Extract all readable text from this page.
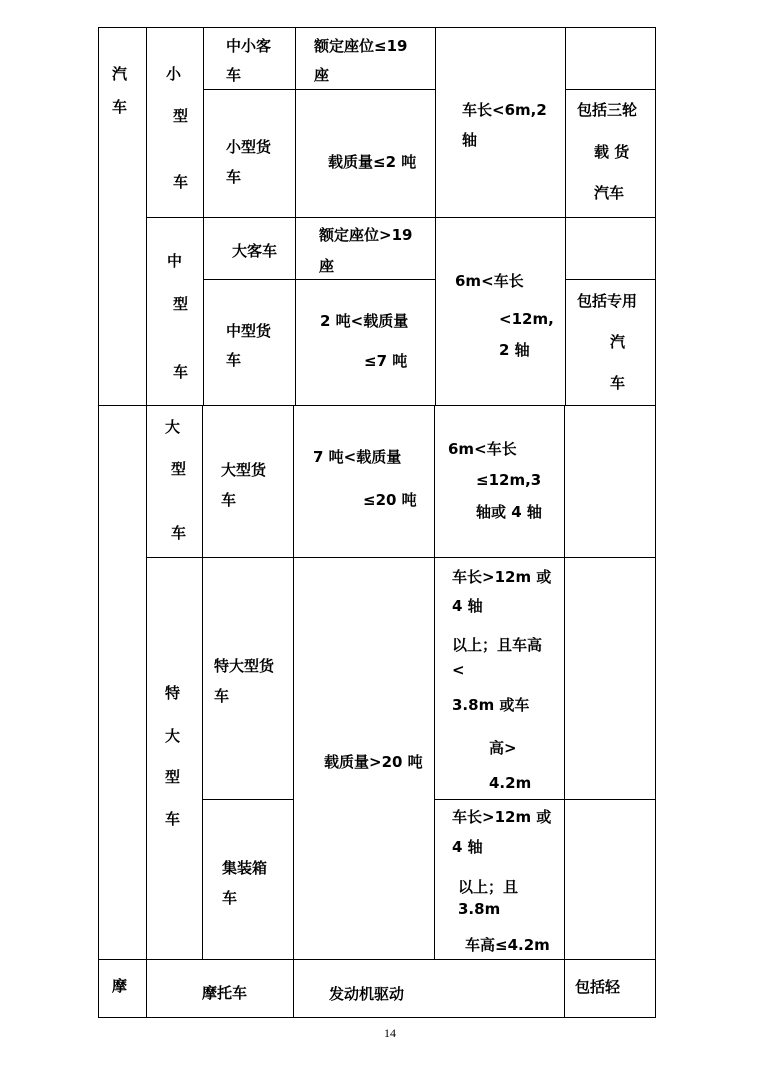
汽
车
摩
小
型
车
中小客
车
额定座位≤19
座
小型货
车
载质量≤2 吨
车长<6m,2
轴
包括三轮
载 货
汽车
中
型
车
大客车
额定座位>19
座
中型货
车
2 吨<载质量
≤7 吨
6m<车长
<12m,
2 轴
包括专用
汽
车
大
型
车
大型货
车
7 吨<载质量
≤20 吨
6m<车长
≤12m,3
轴或 4 轴
特
大
型
车
特大型货
车
载质量>20 吨
车长>12m 或
4 轴
以上；且车高
<
3.8m 或车
高>
4.2m
集装箱
车
车长>12m 或
4 轴
以上；且
3.8m
车高≤4.2m
摩托车	发动机驱动	包括轻
14
